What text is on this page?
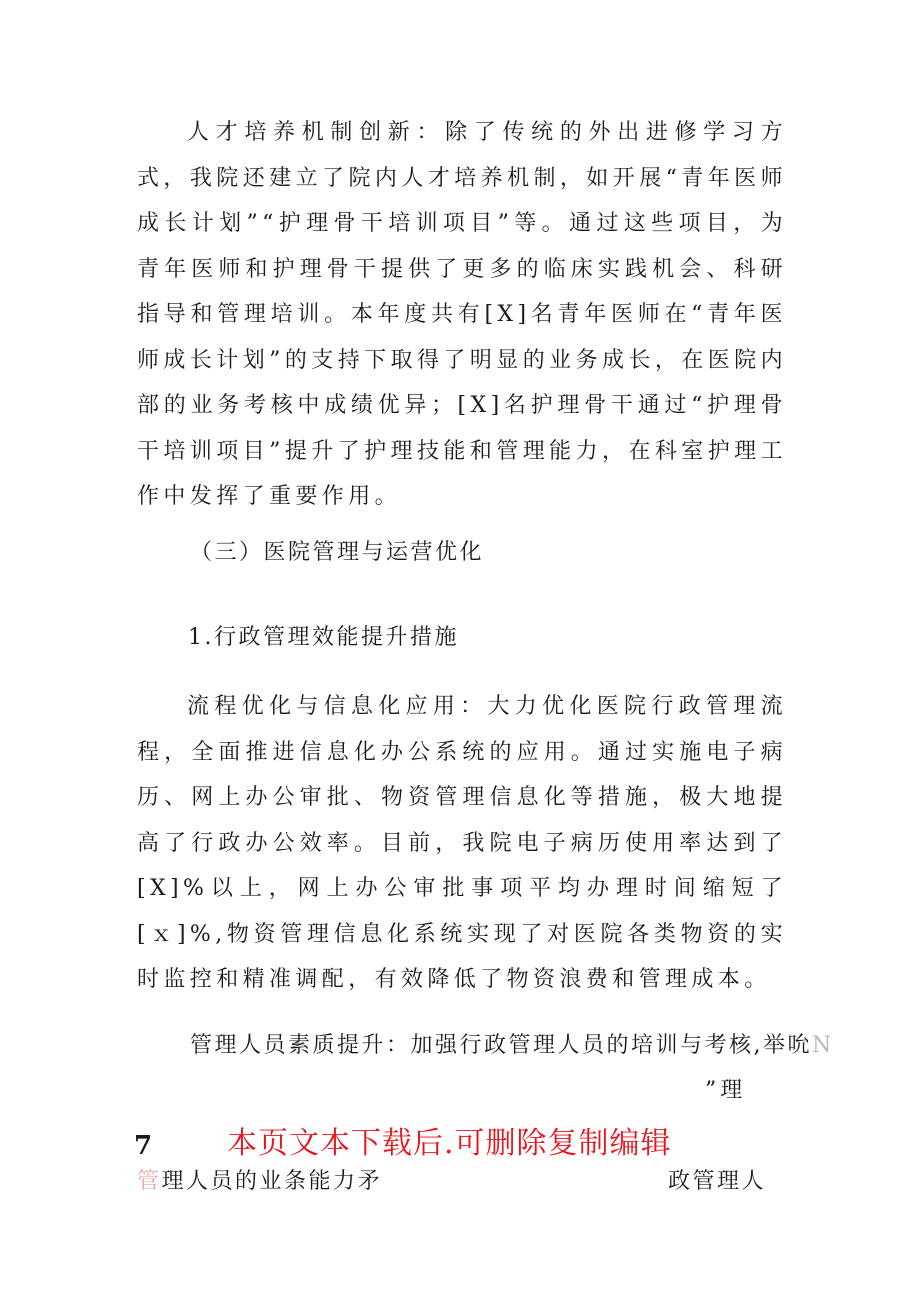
人才培养机制创新：除了传统的外出进修学习方式，我院还建立了院内人才培养机制，如开展“青年医师成长计划”“护理骨干培训项目”等。通过这些项目，为青年医师和护理骨干提供了更多的临床实践机会、科研指导和管理培训。本年度共有[X]名青年医师在“青年医师成长计划”的支持下取得了明显的业务成长，在医院内部的业务考核中成绩优异；[X]名护理骨干通过“护理骨干培训项目”提升了护理技能和管理能力，在科室护理工作中发挥了重要作用。

（三）医院管理与运营优化

1.行政管理效能提升措施

流程优化与信息化应用：大力优化医院行政管理流程，全面推进信息化办公系统的应用。通过实施电子病历、网上办公审批、物资管理信息化等措施，极大地提高了行政办公效率。目前，我院电子病历使用率达到了[X]%以上，网上办公审批事项平均办理时间缩短了[ｘ]%,物资管理信息化系统实现了对医院各类物资的实时监控和精准调配，有效降低了物资浪费和管理成本。

管理人员素质提升：加强行政管理人员的培训与考核,举吮N
”理
7 本页文本下载后.可删除复制编辑
管理人员的业条能力矛	政管理人
